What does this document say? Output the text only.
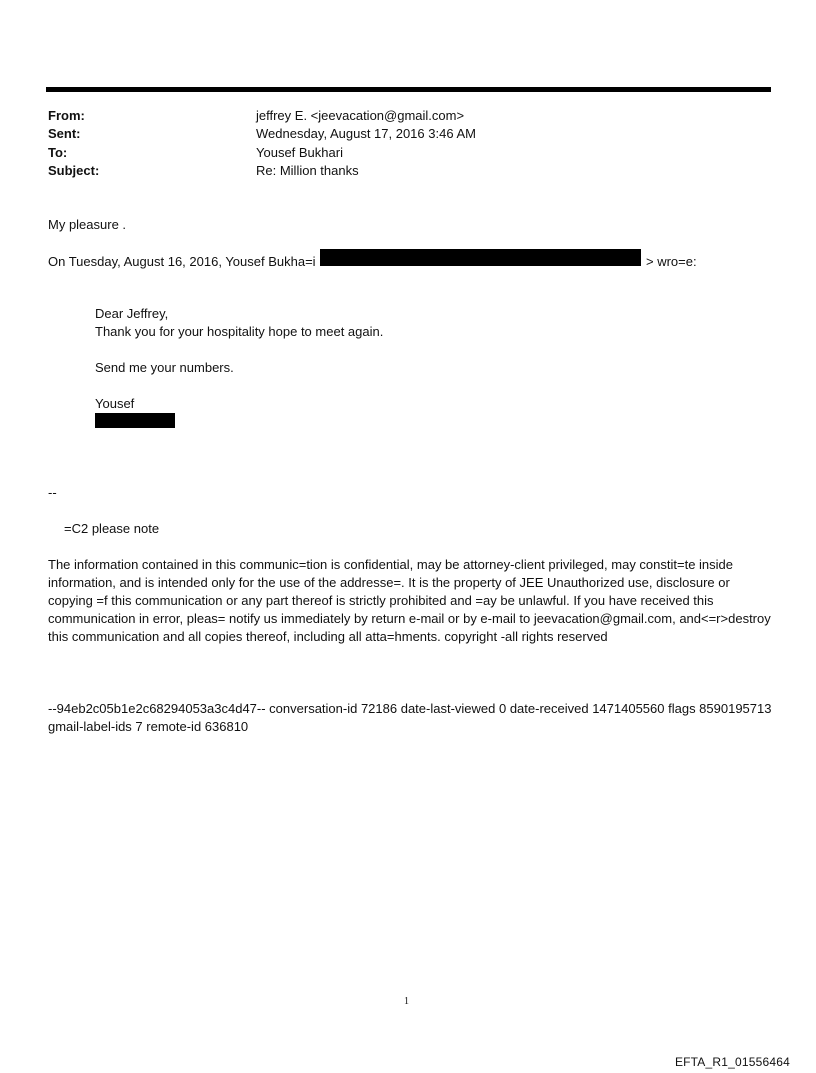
From:	jeffrey E. <jeevacation@gmail.com>
Sent:	Wednesday, August 17, 2016 3:46 AM
To:	Yousef Bukhari
Subject:	Re: Million thanks
My pleasure .
On Tuesday, August 16, 2016, Yousef Bukha=i	> wro=e:
Dear Jeffrey,
Thank you for your hospitality hope to meet again.
Send me your numbers.
Yousef
--
=C2 please note
The information contained in this communic=tion is confidential, may be attorney-client privileged, may constit=te inside information, and is intended only for the use of the addresse=. It is the property of JEE Unauthorized use, disclosure or copying =f this communication or any part thereof is strictly prohibited and =ay be unlawful. If you have received this communication in error, pleas= notify us immediately by return e-mail or by e-mail to jeevacation@gmail.com, and<=r>destroy this communication and all copies thereof, including all atta=hments. copyright -all rights reserved
--94eb2c05b1e2c68294053a3c4d47-- conversation-id 72186 date-last-viewed 0 date-received 1471405560 flags 8590195713 gmail-label-ids 7 remote-id 636810
1
EFTA_R1_01556464
